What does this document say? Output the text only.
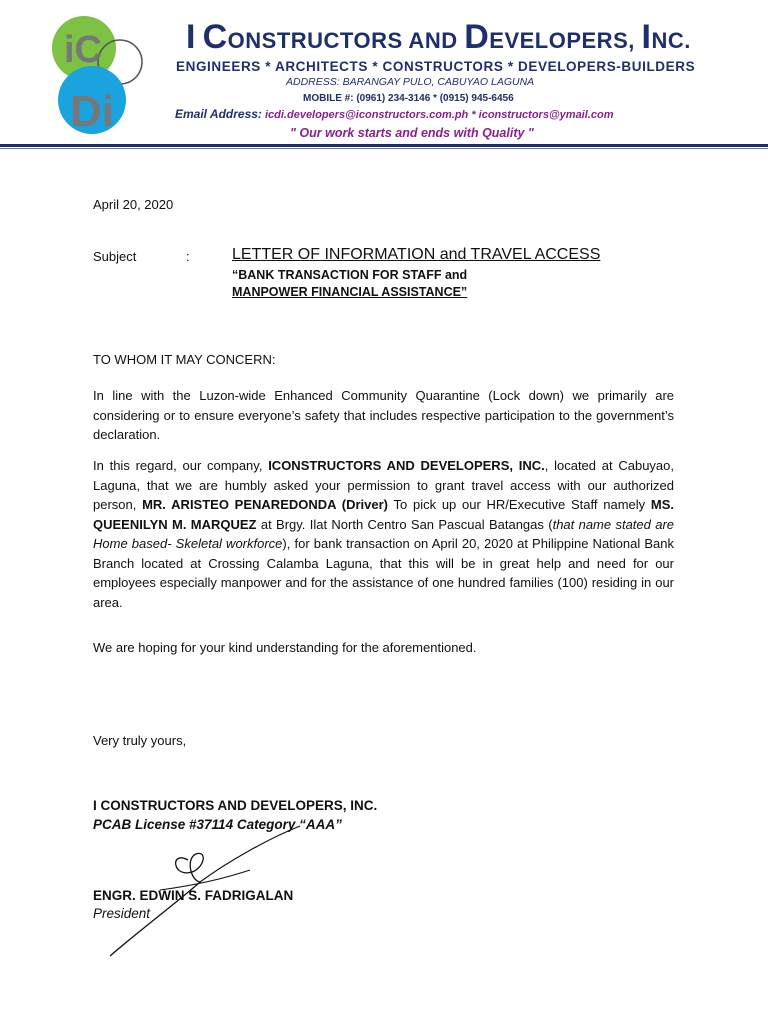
iC
Di
I CONSTRUCTORS AND DEVELOPERS, INC.
ENGINEERS * ARCHITECTS * CONSTRUCTORS * DEVELOPERS-BUILDERS
ADDRESS: BARANGAY PULO, CABUYAO LAGUNA
MOBILE #: (0961) 234-3146 * (0915) 945-6456
Email Address: icdi.developers@iconstructors.com.ph * iconstructors@ymail.com
" Our work starts and ends with Quality "
April 20, 2020
Subject	:	LETTER OF INFORMATION and TRAVEL ACCESS
“BANK TRANSACTION FOR STAFF and
MANPOWER FINANCIAL ASSISTANCE”
TO WHOM IT MAY CONCERN:
In line with the Luzon-wide Enhanced Community Quarantine (Lock down) we primarily are considering or to ensure everyone’s safety that includes respective participation to the government’s declaration.
In this regard, our company, ICONSTRUCTORS AND DEVELOPERS, INC., located at Cabuyao, Laguna, that we are humbly asked your permission to grant travel access with our authorized person, MR. ARISTEO PENAREDONDA (Driver) To pick up our HR/Executive Staff namely MS. QUEENILYN M. MARQUEZ at Brgy. Ilat North Centro San Pascual Batangas (that name stated are Home based- Skeletal workforce), for bank transaction on April 20, 2020 at Philippine National Bank Branch located at Crossing Calamba Laguna, that this will be in great help and need for our employees especially manpower and for the assistance of one hundred families (100) residing in our area.
We are hoping for your kind understanding for the aforementioned.
Very truly yours,
I CONSTRUCTORS AND DEVELOPERS, INC.
PCAB License #37114 Category “AAA”
ENGR. EDWIN S. FADRIGALAN
President
